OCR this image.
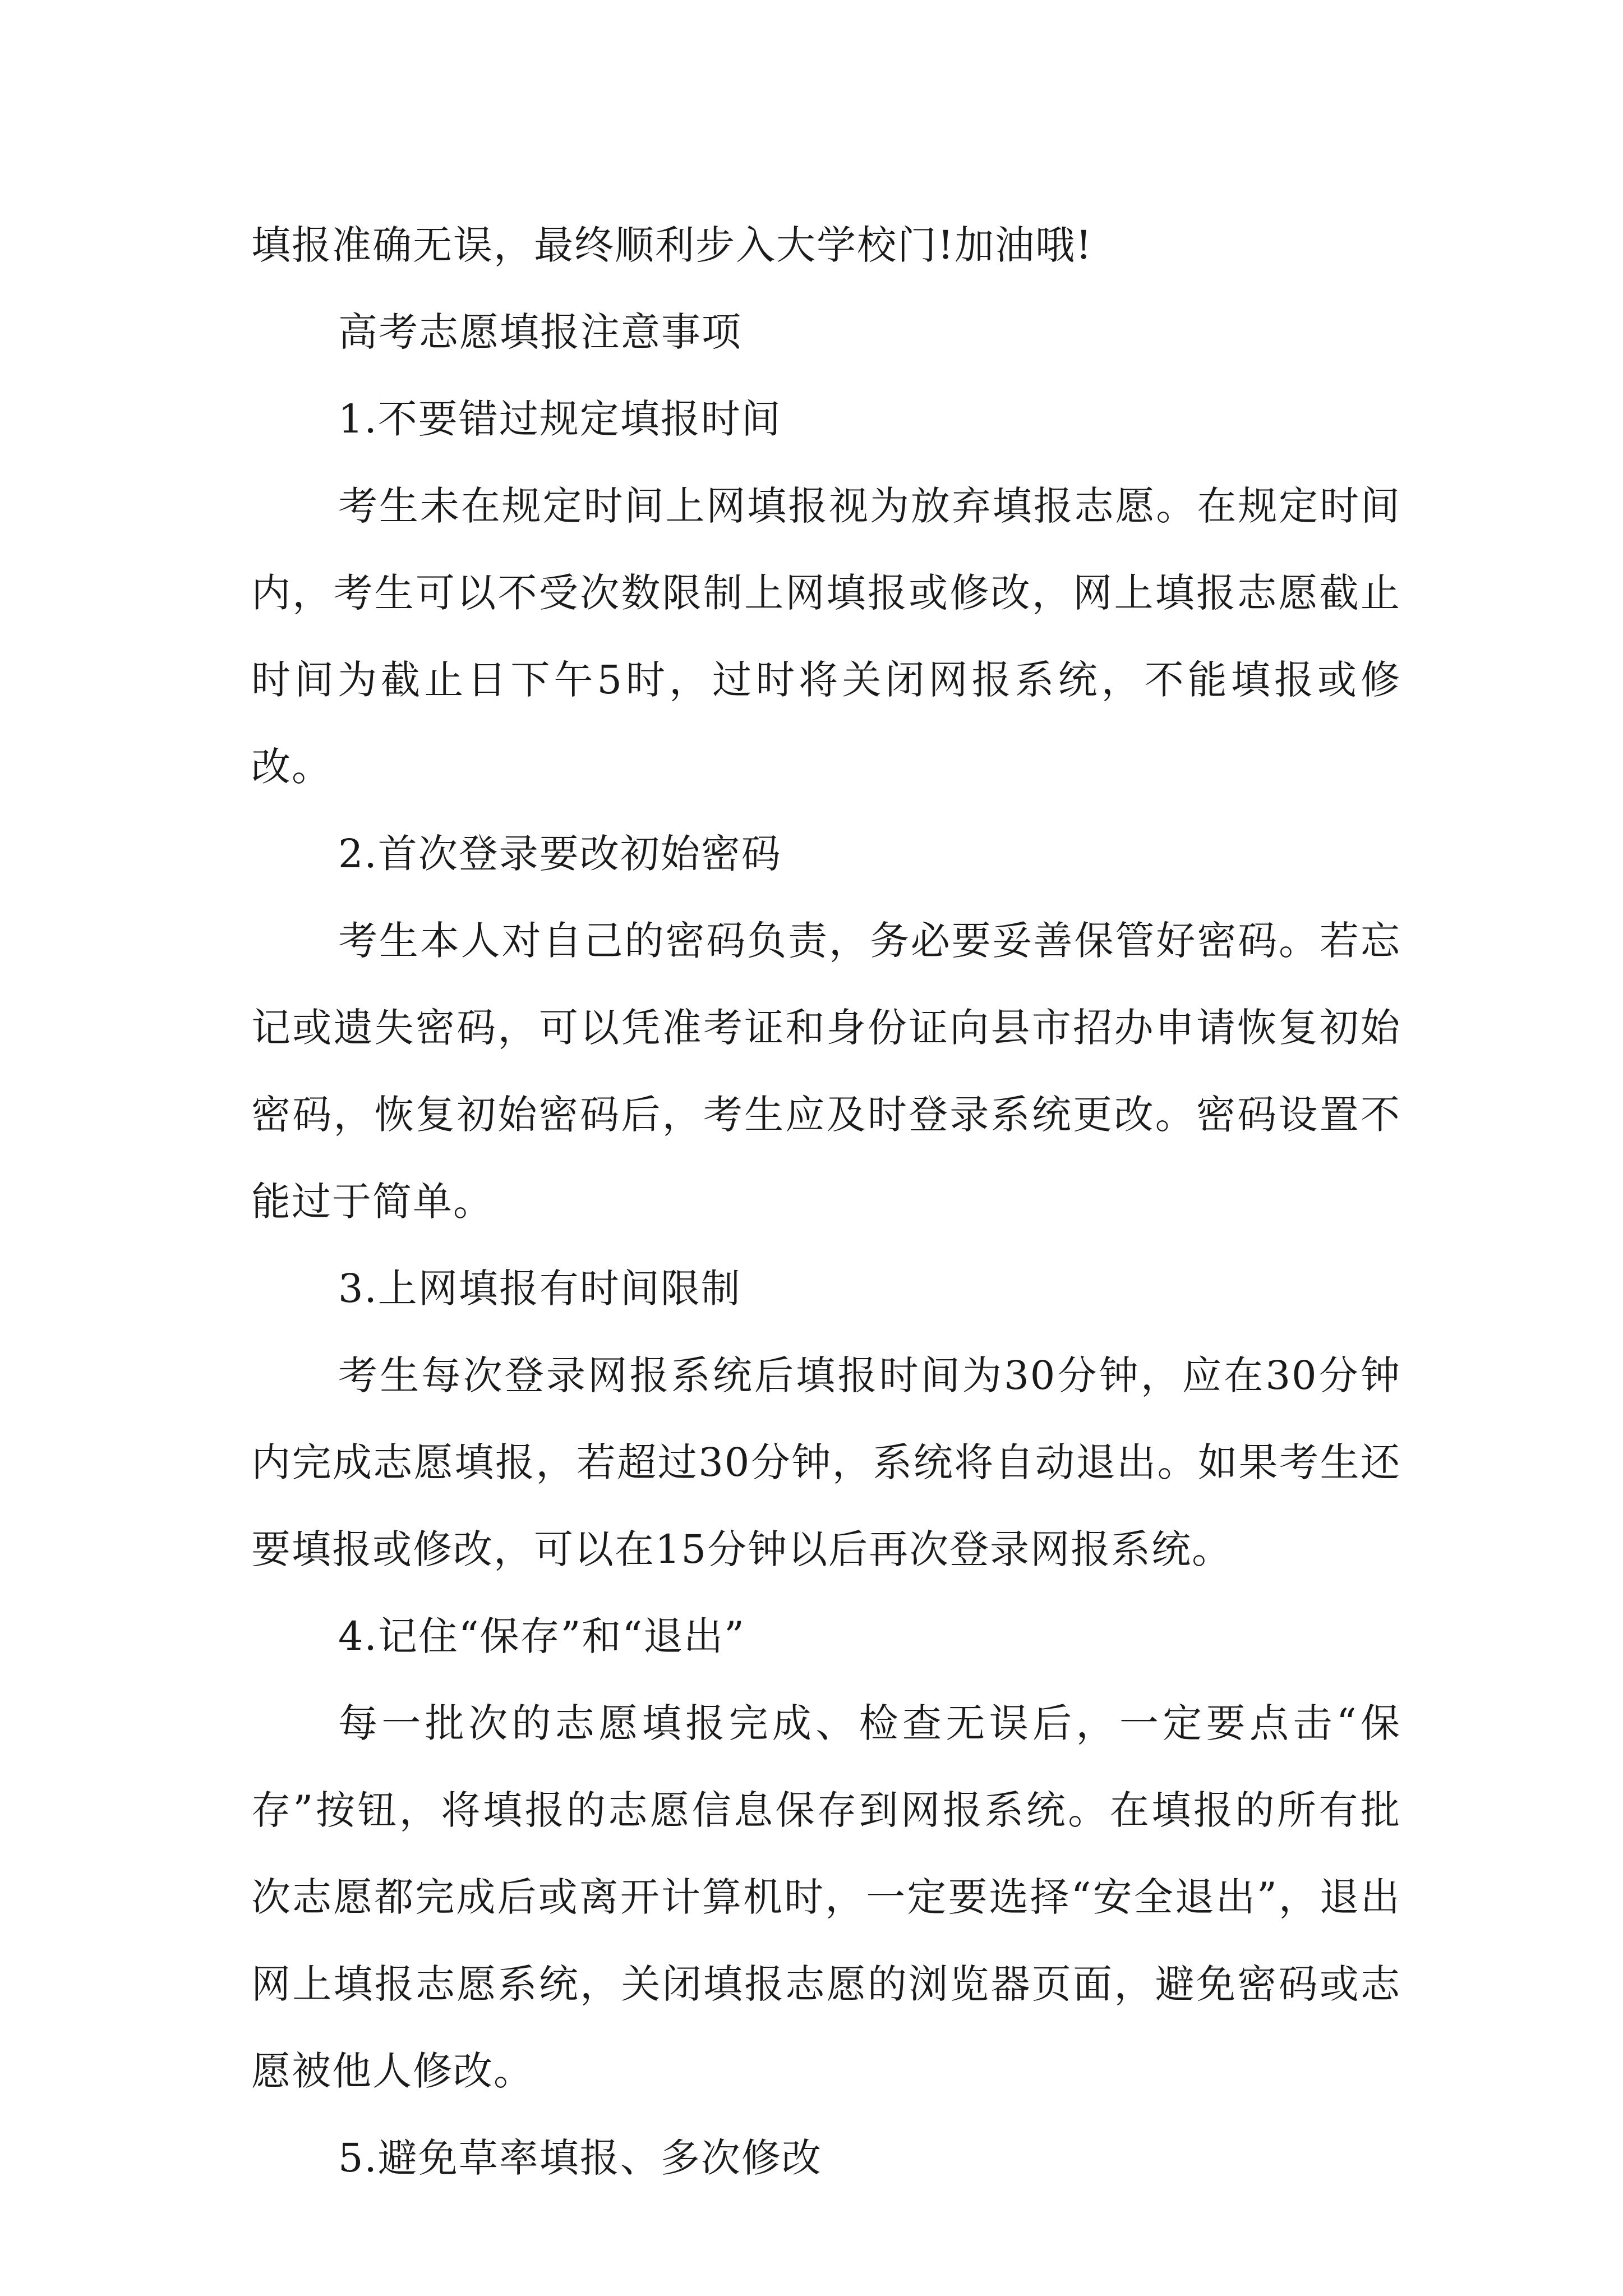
填报准确无误，最终顺利步入大学校门!加油哦!

高考志愿填报注意事项

1.不要错过规定填报时间

考生未在规定时间上网填报视为放弃填报志愿。在规定时间内，考生可以不受次数限制上网填报或修改，网上填报志愿截止时间为截止日下午5时，过时将关闭网报系统，不能填报或修改。

2.首次登录要改初始密码

考生本人对自己的密码负责，务必要妥善保管好密码。若忘记或遗失密码，可以凭准考证和身份证向县市招办申请恢复初始密码，恢复初始密码后，考生应及时登录系统更改。密码设置不能过于简单。

3.上网填报有时间限制

考生每次登录网报系统后填报时间为30分钟，应在30分钟内完成志愿填报，若超过30分钟，系统将自动退出。如果考生还要填报或修改，可以在15分钟以后再次登录网报系统。

4.记住“保存”和“退出”

每一批次的志愿填报完成、检查无误后，一定要点击“保存”按钮，将填报的志愿信息保存到网报系统。在填报的所有批次志愿都完成后或离开计算机时，一定要选择“安全退出”，退出网上填报志愿系统，关闭填报志愿的浏览器页面，避免密码或志愿被他人修改。

5.避免草率填报、多次修改
